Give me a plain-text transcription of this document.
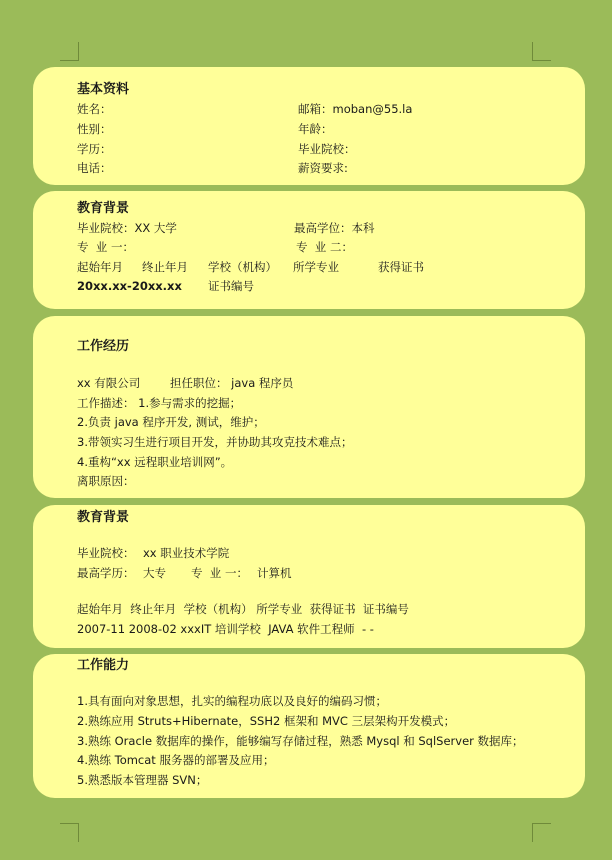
基本资料
姓名：	邮箱：moban@55.la
性别：	年龄：
学历：	毕业院校：
电话：	薪资要求:
教育背景
毕业院校：XX 大学	最高学位：本科
专  业 一：	专  业 二：
起始年月 终止年月 学校（机构） 所学专业	获得证书
20xx.xx-20xx.xx 证书编号
工作经历
xx 有限公司	担任职位： java 程序员
工作描述： 1.参与需求的挖掘；
2.负责 java 程序开发, 测试，维护；
3.带领实习生进行项目开发，并协助其攻克技术难点；
4.重构“xx 远程职业培训网”。
离职原因：
教育背景
毕业院校： xx 职业技术学院
最高学历： 大专 专  业 一： 计算机
起始年月  终止年月  学校（机构） 所学专业  获得证书  证书编号
2007-11 2008-02 xxxIT 培训学校  JAVA 软件工程师  - -
工作能力
1.具有面向对象思想，扎实的编程功底以及良好的编码习惯；
2.熟练应用 Struts+Hibernate，SSH2 框架和 MVC 三层架构开发模式；
3.熟练 Oracle 数据库的操作，能够编写存储过程，熟悉 Mysql 和 SqlServer 数据库；
4.熟练 Tomcat 服务器的部署及应用；
5.熟悉版本管理器 SVN；
